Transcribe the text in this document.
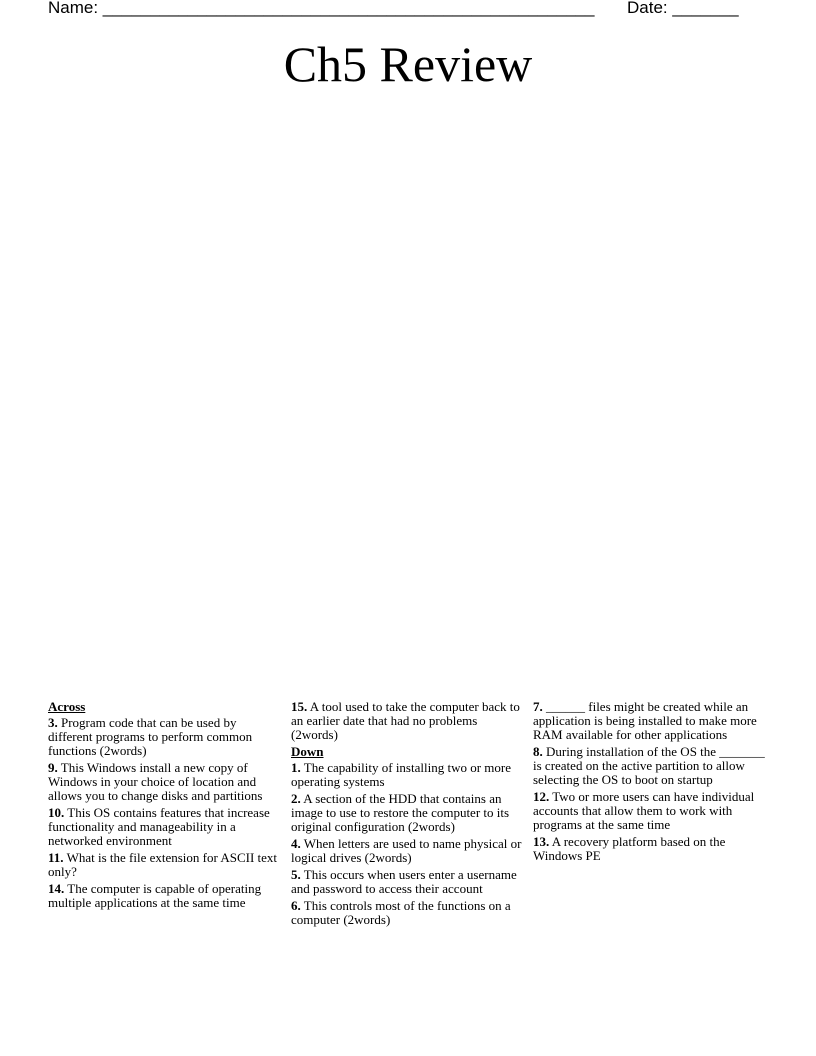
Name: ____________________________________________________ Date: _______
Ch5 Review
Across

3. Program code that can be used by different programs to perform common functions (2words)

9. This Windows install a new copy of Windows in your choice of location and allows you to change disks and partitions

10. This OS contains features that increase functionality and manageability in a networked environment

11. What is the file extension for ASCII text only?

14. The computer is capable of operating multiple applications at the same time

15. A tool used to take the computer back to an earlier date that had no problems (2words)

Down

1. The capability of installing two or more operating systems

2. A section of the HDD that contains an image to use to restore the computer to its original configuration (2words)

4. When letters are used to name physical or logical drives (2words)

5. This occurs when users enter a username and password to access their account

6. This controls most of the functions on a computer (2words)

7. ______ files might be created while an application is being installed to make more RAM available for other applications

8. During installation of the OS the _______ is created on the active partition to allow selecting the OS to boot on startup

12. Two or more users can have individual accounts that allow them to work with programs at the same time

13. A recovery platform based on the Windows PE
